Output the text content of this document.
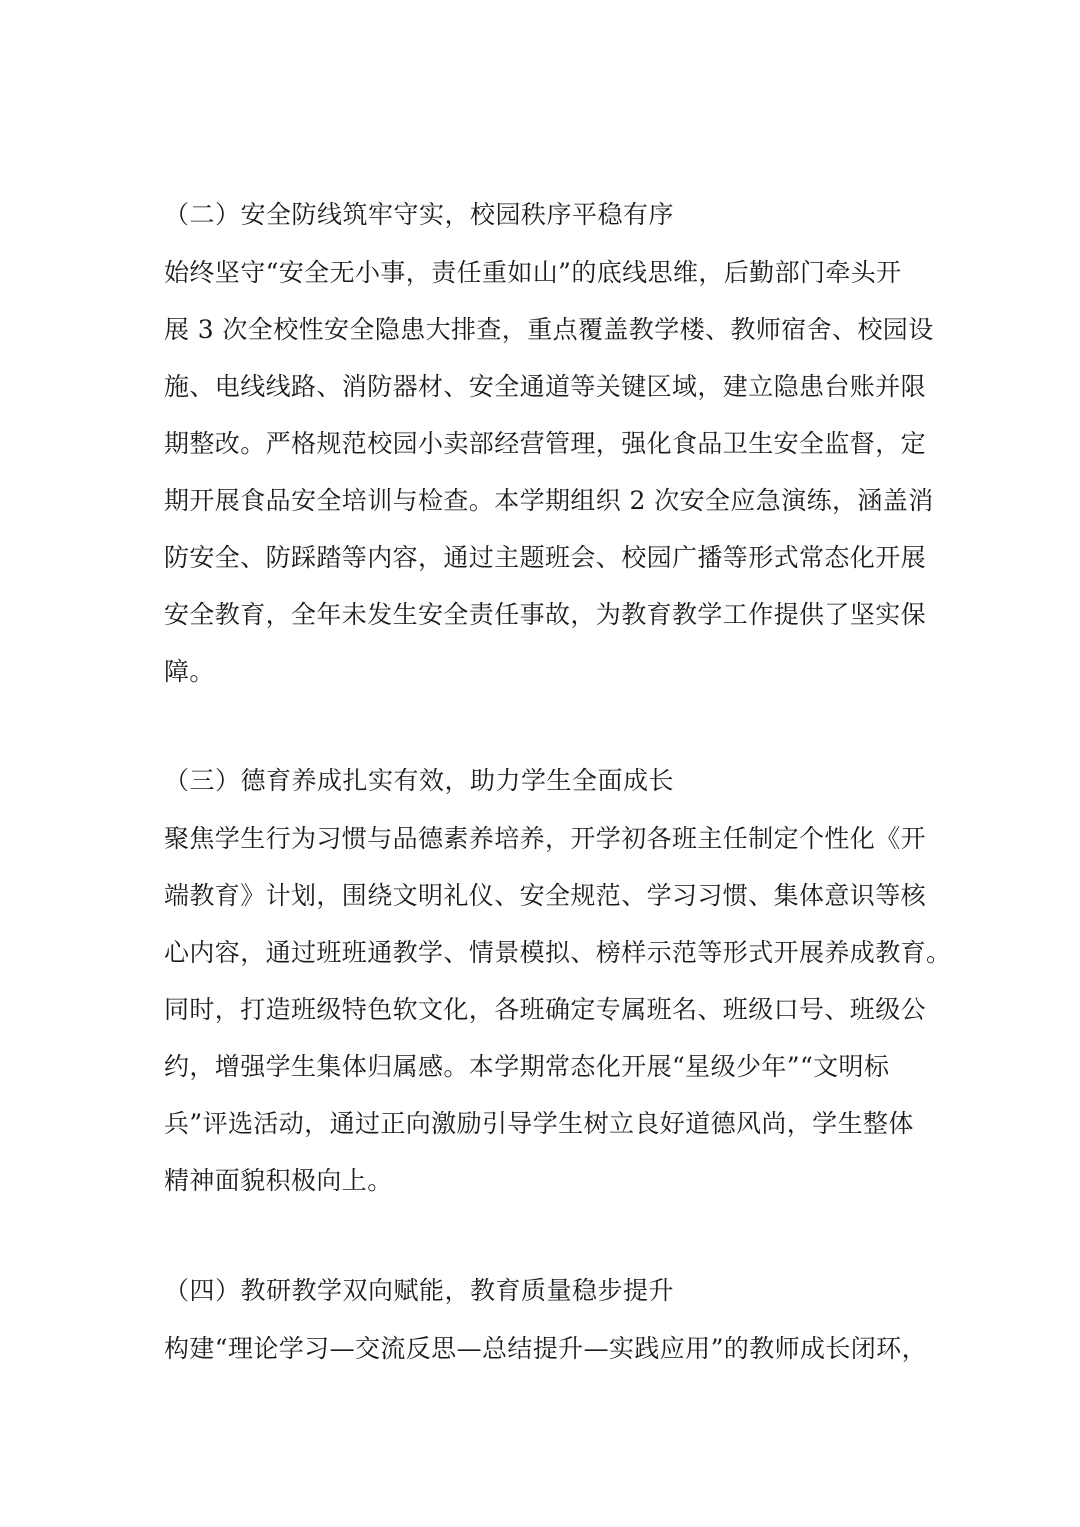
（二）安全防线筑牢守实，校园秩序平稳有序
始终坚守“安全无小事，责任重如山”的底线思维，后勤部门牵头开
展 3 次全校性安全隐患大排查，重点覆盖教学楼、教师宿舍、校园设
施、电线线路、消防器材、安全通道等关键区域，建立隐患台账并限
期整改。严格规范校园小卖部经营管理，强化食品卫生安全监督，定
期开展食品安全培训与检查。本学期组织 2 次安全应急演练，涵盖消
防安全、防踩踏等内容，通过主题班会、校园广播等形式常态化开展
安全教育，全年未发生安全责任事故，为教育教学工作提供了坚实保
障。
（三）德育养成扎实有效，助力学生全面成长
聚焦学生行为习惯与品德素养培养，开学初各班主任制定个性化《开
端教育》计划，围绕文明礼仪、安全规范、学习习惯、集体意识等核
心内容，通过班班通教学、情景模拟、榜样示范等形式开展养成教育。
同时，打造班级特色软文化，各班确定专属班名、班级口号、班级公
约，增强学生集体归属感。本学期常态化开展“星级少年”“文明标
兵”评选活动，通过正向激励引导学生树立良好道德风尚，学生整体
精神面貌积极向上。
（四）教研教学双向赋能，教育质量稳步提升
构建“理论学习—交流反思—总结提升—实践应用”的教师成长闭环，
